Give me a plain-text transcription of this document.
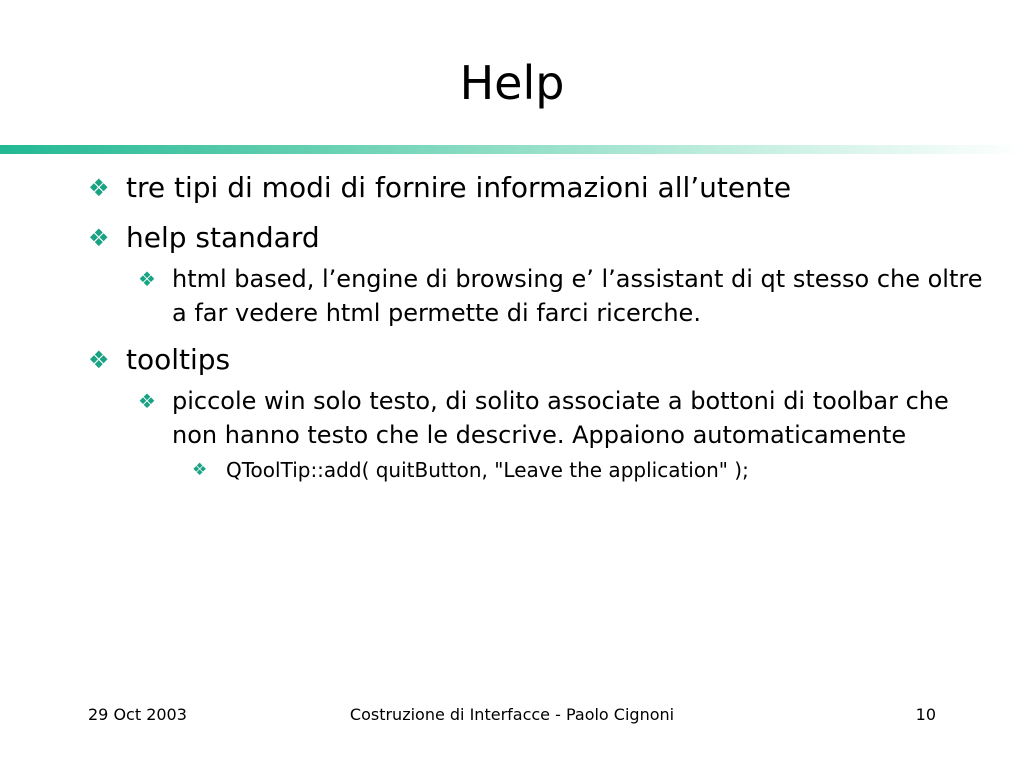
Help
❖ tre tipi di modi di fornire informazioni all’utente
❖ help standard
❖ html based, l’engine di browsing e’ l’assistant di qt stesso che oltre a far vedere html permette di farci ricerche.
❖ tooltips
❖ piccole win solo testo, di solito associate a bottoni di toolbar che non hanno testo che le descrive. Appaiono automaticamente
❖ QToolTip::add( quitButton, "Leave the application" );
29 Oct 2003	Costruzione di Interfacce - Paolo Cignoni	10
